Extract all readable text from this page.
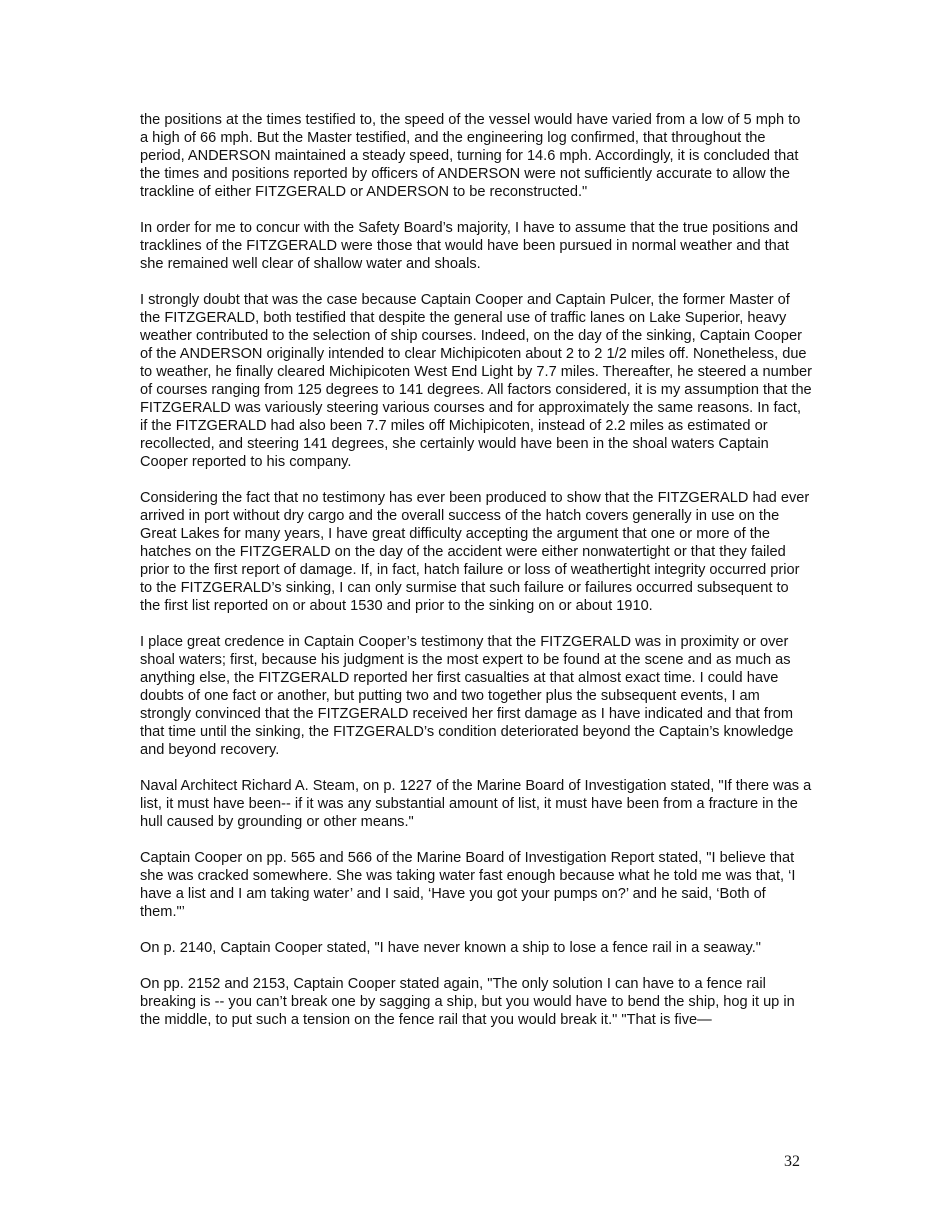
the positions at the times testified to, the speed of the vessel would have varied from a low of 5 mph to a high of 66 mph. But the Master testified, and the engineering log confirmed, that throughout the period, ANDERSON maintained a steady speed, turning for 14.6 mph. Accordingly, it is concluded that the times and positions reported by officers of ANDERSON were not sufficiently accurate to allow the trackline of either FITZGERALD or ANDERSON to be reconstructed."

In order for me to concur with the Safety Board’s majority, I have to assume that the true positions and tracklines of the FITZGERALD were those that would have been pursued in normal weather and that she remained well clear of shallow water and shoals.

I strongly doubt that was the case because Captain Cooper and Captain Pulcer, the former Master of the FITZGERALD, both testified that despite the general use of traffic lanes on Lake Superior, heavy weather contributed to the selection of ship courses. Indeed, on the day of the sinking, Captain Cooper of the ANDERSON originally intended to clear Michipicoten about 2 to 2 1/2 miles off. Nonetheless, due to weather, he finally cleared Michipicoten West End Light by 7.7 miles. Thereafter, he steered a number of courses ranging from 125 degrees to 141 degrees. All factors considered, it is my assumption that the FITZGERALD was variously steering various courses and for approximately the same reasons. In fact, if the FITZGERALD had also been 7.7 miles off Michipicoten, instead of 2.2 miles as estimated or recollected, and steering 141 degrees, she certainly would have been in the shoal waters Captain Cooper reported to his company.

Considering the fact that no testimony has ever been produced to show that the FITZGERALD had ever arrived in port without dry cargo and the overall success of the hatch covers generally in use on the Great Lakes for many years, I have great difficulty accepting the argument that one or more of the hatches on the FITZGERALD on the day of the accident were either nonwatertight or that they failed prior to the first report of damage. If, in fact, hatch failure or loss of weathertight integrity occurred prior to the FITZGERALD’s sinking, I can only surmise that such failure or failures occurred subsequent to the first list reported on or about 1530 and prior to the sinking on or about 1910.

I place great credence in Captain Cooper’s testimony that the FITZGERALD was in proximity or over shoal waters; first, because his judgment is the most expert to be found at the scene and as much as anything else, the FITZGERALD reported her first casualties at that almost exact time. I could have doubts of one fact or another, but putting two and two together plus the subsequent events, I am strongly convinced that the FITZGERALD received her first damage as I have indicated and that from that time until the sinking, the FITZGERALD’s condition deteriorated beyond the Captain’s knowledge and beyond recovery.

Naval Architect Richard A. Steam, on p. 1227 of the Marine Board of Investigation stated, "If there was a list, it must have been-- if it was any substantial amount of list, it must have been from a fracture in the hull caused by grounding or other means."

Captain Cooper on pp. 565 and 566 of the Marine Board of Investigation Report stated, "I believe that she was cracked somewhere. She was taking water fast enough because what he told me was that, ‘I have a list and I am taking water’ and I said, ‘Have you got your pumps on?’ and he said, ‘Both of them."’

On p. 2140, Captain Cooper stated, "I have never known a ship to lose a fence rail in a seaway."

On pp. 2152 and 2153, Captain Cooper stated again, "The only solution I can have to a fence rail breaking is -- you can’t break one by sagging a ship, but you would have to bend the ship, hog it up in the middle, to put such a tension on the fence rail that you would break it." "That is five—

32
